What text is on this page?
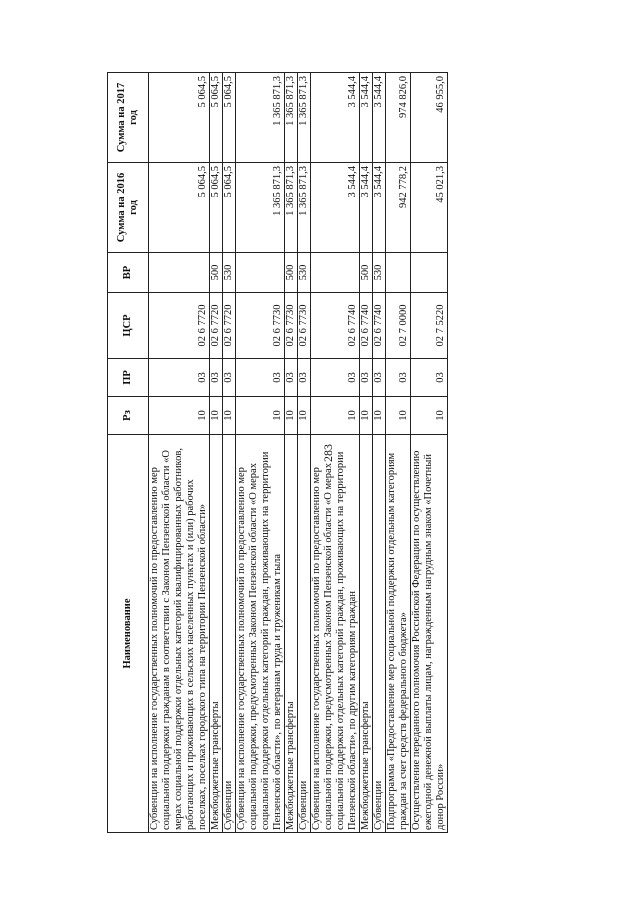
283
Наименование	Рз	ПР	ЦСР	ВР	Сумма на 2016 год	Сумма на 2017 год
Субвенции на исполнение государственных полномочий по предоставлению мер социальной поддержки гражданам в соответствии с Законом Пензенской области «О мерах социальной поддержки отдельных категорий квалифицированных работников, работающих и проживающих в сельских населенных пунктах и (или) рабочих поселках, поселках городского типа на территории Пензенской области»	10	03	02 6 7720		5 064,5	5 064,5
Межбюджетные трансферты	10	03	02 6 7720	500	5 064,5	5 064,5
Субвенции	10	03	02 6 7720	530	5 064,5	5 064,5
Субвенции на исполнение государственных полномочий по предоставлению мер социальной поддержки, предусмотренных Законом Пензенской области «О мерах социальной поддержки отдельных категорий граждан, проживающих на территории Пензенской области», по ветеранам труда и труженикам тыла	10	03	02 6 7730		1 365 871,3	1 365 871,3
Межбюджетные трансферты	10	03	02 6 7730	500	1 365 871,3	1 365 871,3
Субвенции	10	03	02 6 7730	530	1 365 871,3	1 365 871,3
Субвенции на исполнение государственных полномочий по предоставлению мер социальной поддержки, предусмотренных Законом Пензенской области «О мерах социальной поддержки отдельных категорий граждан, проживающих на территории Пензенской области», по другим категориям граждан	10	03	02 6 7740		3 544,4	3 544,4
Межбюджетные трансферты	10	03	02 6 7740	500	3 544,4	3 544,4
Субвенции	10	03	02 6 7740	530	3 544,4	3 544,4
Подпрограмма «Предоставление мер социальной поддержки отдельным категориям граждан за счет средств федерального бюджета»	10	03	02 7 0000		942 778,2	974 826,0
Осуществление переданного полномочия Российской Федерации по осуществлению ежегодной денежной выплаты лицам, награжденным нагрудным знаком «Почетный донор России»	10	03	02 7 5220		45 021,3	46 955,0
